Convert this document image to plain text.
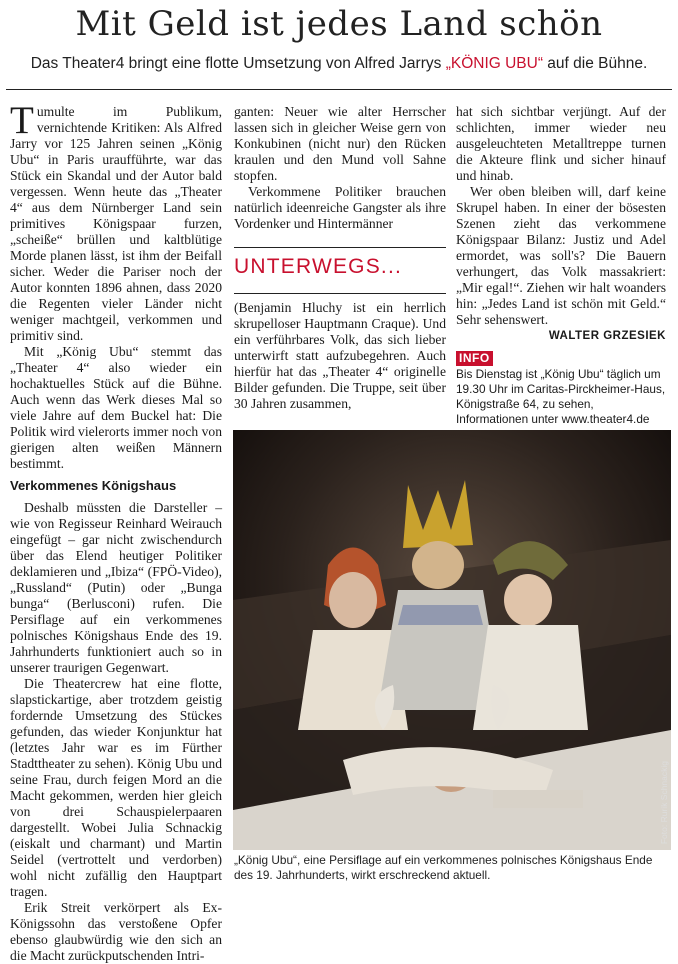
Mit Geld ist jedes Land schön
Das Theater4 bringt eine flotte Umsetzung von Alfred Jarrys „KÖNIG UBU“ auf die Bühne.

Tumulte im Publikum, vernichtende Kritiken: Als Alfred Jarry vor 125 Jahren seinen „König Ubu“ in Paris uraufführte, war das Stück ein Skandal und der Autor bald vergessen. Wenn heute das „Theater 4“ aus dem Nürnberger Land sein primitives Königspaar furzen, „scheiße“ brüllen und kaltblütige Morde planen lässt, ist ihm der Beifall sicher. Weder die Pariser noch der Autor konnten 1896 ahnen, dass 2020 die Regenten vieler Länder nicht weniger machtgeil, verkommen und primitiv sind.

Mit „König Ubu“ stemmt das „Theater 4“ also wieder ein hochaktuelles Stück auf die Bühne. Auch wenn das Werk dieses Mal so viele Jahre auf dem Buckel hat: Die Politik wird vielerorts immer noch von gierigen alten weißen Männern bestimmt.

Verkommenes Königshaus

Deshalb müssten die Darsteller – wie von Regisseur Reinhard Weirauch eingefügt – gar nicht zwischendurch über das Elend heutiger Politiker deklamieren und „Ibiza“ (FPÖ-Video), „Russland“ (Putin) oder „Bunga bunga“ (Berlusconi) rufen. Die Persiflage auf ein verkommenes polnisches Königshaus Ende des 19. Jahrhunderts funktioniert auch so in unserer traurigen Gegenwart.

Die Theatercrew hat eine flotte, slapstickartige, aber trotzdem geistig fordernde Umsetzung des Stückes gefunden, das wieder Konjunktur hat (letztes Jahr war es im Fürther Stadttheater zu sehen). König Ubu und seine Frau, durch feigen Mord an die Macht gekommen, werden hier gleich von drei Schauspielerpaaren dargestellt. Wobei Julia Schnackig (eiskalt und charmant) und Martin Seidel (vertrottelt und verdorben) wohl nicht zufällig den Hauptpart tragen.

Erik Streit verkörpert als Ex-Königssohn das verstoßene Opfer ebenso glaubwürdig wie den sich an die Macht zurückputschenden Intri-

ganten: Neuer wie alter Herrscher lassen sich in gleicher Weise gern von Konkubinen (nicht nur) den Rücken kraulen und den Mund voll Sahne stopfen.

Verkommene Politiker brauchen natürlich ideenreiche Gangster als ihre Vordenker und Hintermänner

UNTERWEGS...

(Benjamin Hluchy ist ein herrlich skrupelloser Hauptmann Craque). Und ein verführbares Volk, das sich lieber unterwirft statt aufzubegehren. Auch hierfür hat das „Theater 4“ originelle Bilder gefunden. Die Truppe, seit über 30 Jahren zusammen,

hat sich sichtbar verjüngt. Auf der schlichten, immer wieder neu ausgeleuchteten Metalltreppe turnen die Akteure flink und sicher hinauf und hinab.

Wer oben bleiben will, darf keine Skrupel haben. In einer der bösesten Szenen zieht das verkommene Königspaar Bilanz: Justiz und Adel ermordet, was soll's? Die Bauern verhungert, das Volk massakriert: „Mir egal!“. Ziehen wir halt woanders hin: „Jedes Land ist schön mit Geld.“ Sehr sehenswert.
WALTER GRZESIEK

INFO
Bis Dienstag ist „König Ubu“ täglich um 19.30 Uhr im Caritas-Pirckheimer-Haus, Königstraße 64, zu sehen, Informationen unter www.theater4.de
Foto: Rurik Schnackig
„König Ubu“, eine Persiflage auf ein verkommenes polnisches Königshaus Ende des 19. Jahrhunderts, wirkt erschreckend aktuell.
